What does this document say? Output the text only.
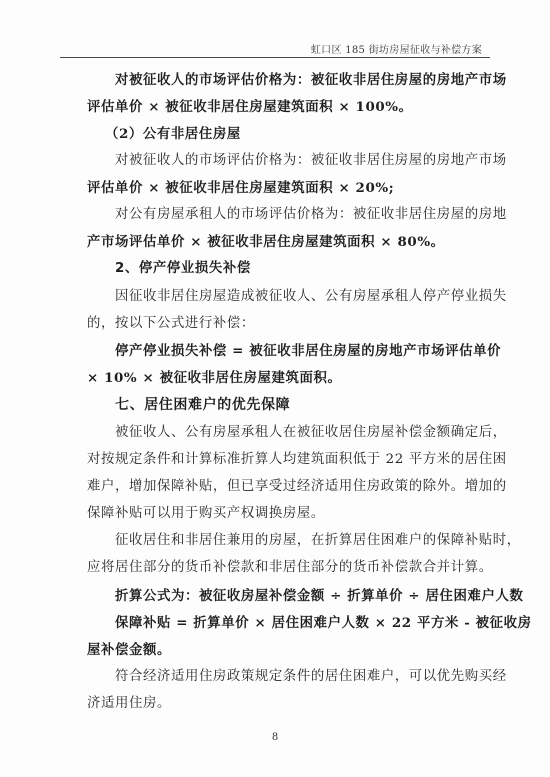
虹口区 185 街坊房屋征收与补偿方案
对被征收人的市场评估价格为：被征收非居住房屋的房地产市场
评估单价 × 被征收非居住房屋建筑面积 × 100%。
（2）公有非居住房屋
对被征收人的市场评估价格为：被征收非居住房屋的房地产市场
评估单价 × 被征收非居住房屋建筑面积 × 20%;
对公有房屋承租人的市场评估价格为：被征收非居住房屋的房地
产市场评估单价 × 被征收非居住房屋建筑面积 × 80%。
2、停产停业损失补偿
因征收非居住房屋造成被征收人、公有房屋承租人停产停业损失
的，按以下公式进行补偿：
停产停业损失补偿 = 被征收非居住房屋的房地产市场评估单价
× 10% × 被征收非居住房屋建筑面积。
七、居住困难户的优先保障
被征收人、公有房屋承租人在被征收居住房屋补偿金额确定后，
对按规定条件和计算标准折算人均建筑面积低于 22 平方米的居住困
难户，增加保障补贴，但已享受过经济适用住房政策的除外。增加的
保障补贴可以用于购买产权调换房屋。
征收居住和非居住兼用的房屋，在折算居住困难户的保障补贴时，
应将居住部分的货币补偿款和非居住部分的货币补偿款合并计算。
折算公式为：被征收房屋补偿金额 ÷ 折算单价 ÷ 居住困难户人数
保障补贴 = 折算单价 × 居住困难户人数 × 22 平方米 - 被征收房
屋补偿金额。
符合经济适用住房政策规定条件的居住困难户，可以优先购买经
济适用住房。
8
